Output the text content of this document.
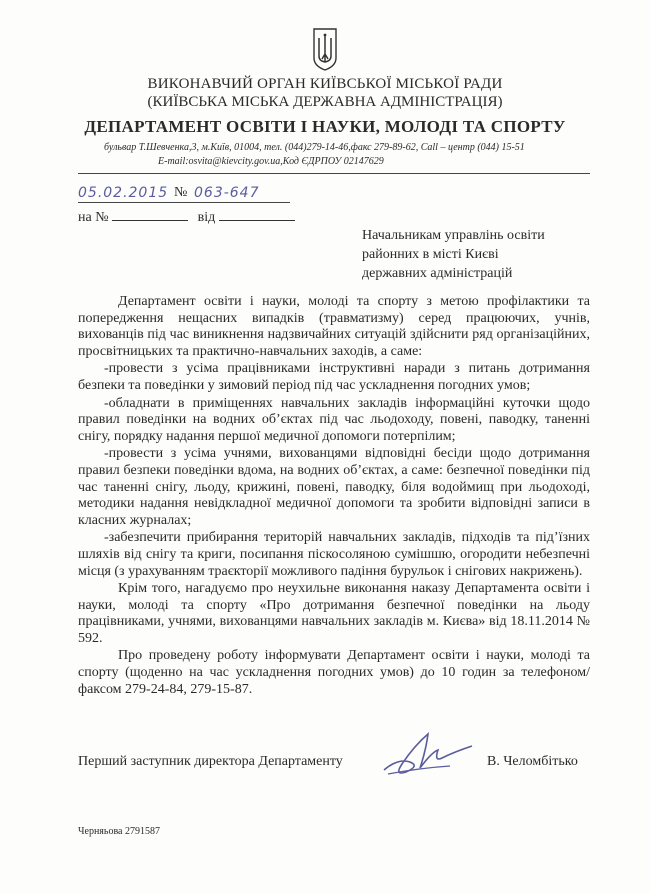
ВИКОНАВЧИЙ ОРГАН КИЇВСЬКОЇ МІСЬКОЇ РАДИ
(КИЇВСЬКА МІСЬКА ДЕРЖАВНА АДМІНІСТРАЦІЯ)
ДЕПАРТАМЕНТ ОСВІТИ І НАУКИ, МОЛОДІ ТА СПОРТУ
бульвар Т.Шевченка,3, м.Київ, 01004, тел. (044)279-14-46,факс 279-89-62, Call – центр (044) 15-51
E-mail:osvita@kievcity.gov.ua,Код ЄДРПОУ 02147629
05.02.2015 № 063-647
на №	від
Начальникам управлінь освіти
районних в місті Києві
державних адміністрацій

Департамент освіти і науки, молоді та спорту з метою профілактики та попередження нещасних випадків (травматизму) серед працюючих, учнів, вихованців під час виникнення надзвичайних ситуацій здійснити ряд організаційних, просвітницьких та практично-навчальних заходів, а саме:

-провести з усіма працівниками інструктивні наради з питань дотримання безпеки та поведінки у зимовий період під час ускладнення погодних умов;

-обладнати в приміщеннях навчальних закладів інформаційні куточки щодо правил поведінки на водних об’єктах під час льодоходу, повені, паводку, таненні снігу, порядку надання першої медичної допомоги потерпілим;

-провести з усіма учнями, вихованцями відповідні бесіди щодо дотримання правил безпеки поведінки вдома, на водних об’єктах, а саме: безпечної поведінки під час таненні снігу, льоду, крижині, повені, паводку, біля водоймищ при льодоході, методики надання невідкладної медичної допомоги та зробити відповідні записи в класних журналах;

-забезпечити прибирання територій навчальних закладів, підходів та під’їзних шляхів від снігу та криги, посипання піскосоляною сумішшю, огородити небезпечні місця (з урахуванням траєкторії можливого падіння бурульок і снігових накрижень).

Крім того, нагадуємо про неухильне виконання наказу Департамента освіти і науки, молоді та спорту «Про дотримання безпечної поведінки на льоду працівниками, учнями, вихованцями навчальних закладів м. Києва» від 18.11.2014 № 592.

Про проведену роботу інформувати Департамент освіти і науки, молоді та спорту (щоденно на час ускладнення погодних умов) до 10 годин за телефоном/факсом 279-24-84, 279-15-87.

Перший заступник директора Департаменту	В. Челомбітько
Черняьова 2791587
